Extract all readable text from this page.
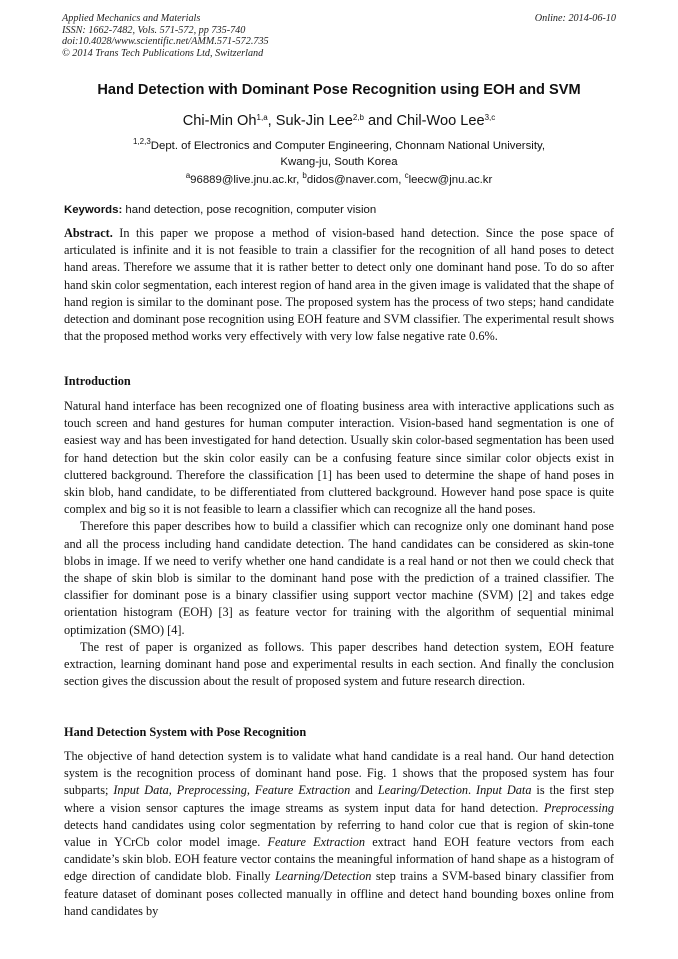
Applied Mechanics and Materials
ISSN: 1662-7482, Vols. 571-572, pp 735-740
doi:10.4028/www.scientific.net/AMM.571-572.735
© 2014 Trans Tech Publications Ltd, Switzerland
Online: 2014-06-10
Hand Detection with Dominant Pose Recognition using EOH and SVM
Chi-Min Oh$^{1,a}$, Suk-Jin Lee$^{2,b}$ and Chil-Woo Lee$^{3,c}$
$^{1,2,3}$Dept. of Electronics and Computer Engineering, Chonnam National University,
Kwang-ju, South Korea
$^a$96889@live.jnu.ac.kr, $^b$didos@naver.com, $^c$leecw@jnu.ac.kr
Keywords: hand detection, pose recognition, computer vision

Abstract. In this paper we propose a method of vision-based hand detection. Since the pose space of articulated is infinite and it is not feasible to train a classifier for the recognition of all hand poses to detect hand areas. Therefore we assume that it is rather better to detect only one dominant hand pose. To do so after hand skin color segmentation, each interest region of hand area in the given image is validated that the shape of hand region is similar to the dominant pose. The proposed system has the process of two steps; hand candidate detection and dominant pose recognition using EOH feature and SVM classifier. The experimental result shows that the proposed method works very effectively with very low false negative rate 0.6%.

Introduction

Natural hand interface has been recognized one of floating business area with interactive applications such as touch screen and hand gestures for human computer interaction. Vision-based hand segmentation is one of easiest way and has been investigated for hand detection. Usually skin color-based segmentation has been used for hand detection but the skin color easily can be a confusing feature since similar color objects exist in cluttered background. Therefore the classification [1] has been used to determine the shape of hand poses in skin blob, hand candidate, to be differentiated from cluttered background. However hand pose space is quite complex and big so it is not feasible to learn a classifier which can recognize all the hand poses.

Therefore this paper describes how to build a classifier which can recognize only one dominant hand pose and all the process including hand candidate detection. The hand candidates can be considered as skin-tone blobs in image. If we need to verify whether one hand candidate is a real hand or not then we could check that the shape of skin blob is similar to the dominant hand pose with the prediction of a trained classifier. The classifier for dominant pose is a binary classifier using support vector machine (SVM) [2] and takes edge orientation histogram (EOH) [3] as feature vector for training with the algorithm of sequential minimal optimization (SMO) [4].

The rest of paper is organized as follows. This paper describes hand detection system, EOH feature extraction, learning dominant hand pose and experimental results in each section. And finally the conclusion section gives the discussion about the result of proposed system and future research direction.

Hand Detection System with Pose Recognition

The objective of hand detection system is to validate what hand candidate is a real hand. Our hand detection system is the recognition process of dominant hand pose. Fig. 1 shows that the proposed system has four subparts; Input Data, Preprocessing, Feature Extraction and Learing/Detection. Input Data is the first step where a vision sensor captures the image streams as system input data for hand detection. Preprocessing detects hand candidates using color segmentation by referring to hand color cue that is region of skin-tone value in YCrCb color model image. Feature Extraction extract hand EOH feature vectors from each candidate’s skin blob. EOH feature vector contains the meaningful information of hand shape as a histogram of edge direction of candidate blob. Finally Learning/Detection step trains a SVM-based binary classifier from feature dataset of dominant poses collected manually in offline and detect hand bounding boxes online from hand candidates by
